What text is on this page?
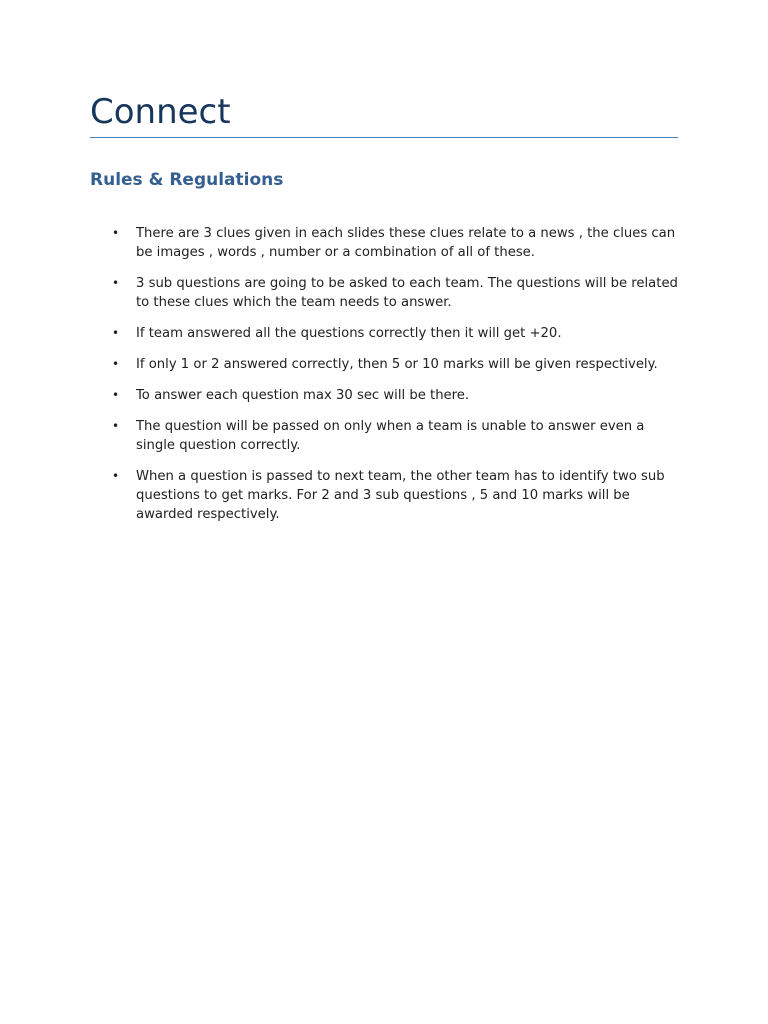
Connect
Rules & Regulations
• There are 3 clues given in each slides these clues relate to a news , the clues can be images , words , number or a combination of all of these.
• 3 sub questions are going to be asked to each team. The questions will be related to these clues which the team needs to answer.
• If team answered all the questions correctly then it will get +20.
• If only 1 or 2 answered correctly, then 5 or 10 marks will be given respectively.
• To answer each question max 30 sec will be there.
• The question will be passed on only when a team is unable to answer even a single question correctly.
• When a question is passed to next team, the other team has to identify two sub questions to get marks. For 2 and 3 sub questions , 5 and 10 marks will be awarded respectively.
